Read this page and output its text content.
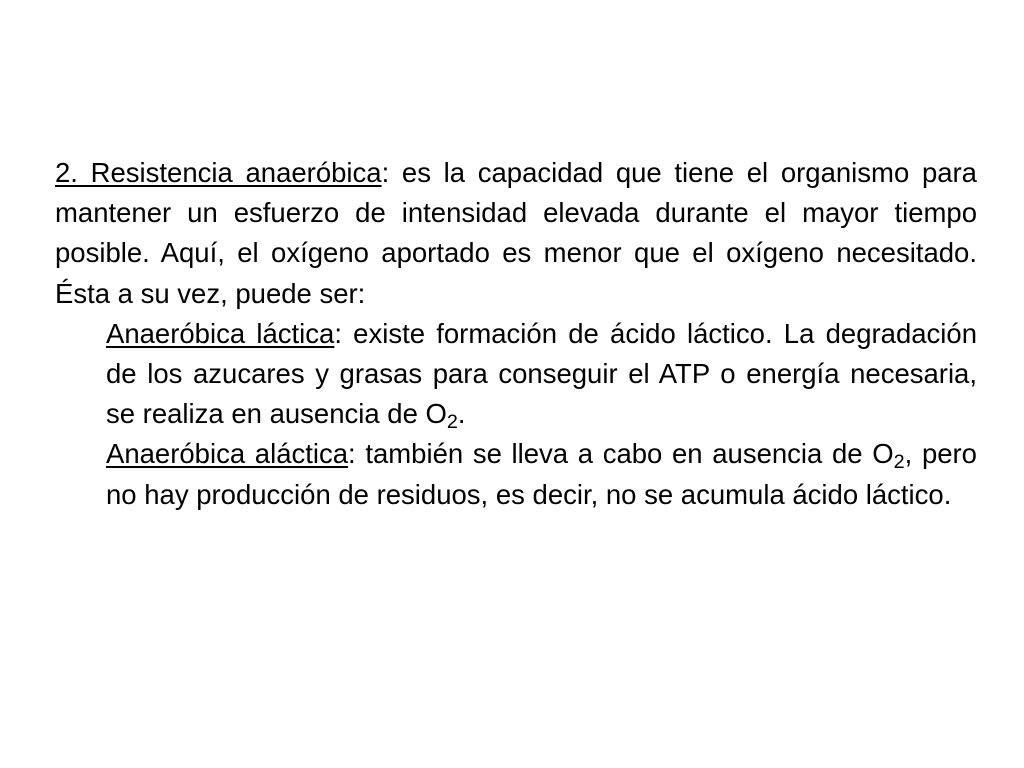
2. Resistencia anaeróbica: es la capacidad que tiene el organismo para mantener un esfuerzo de intensidad elevada durante el mayor tiempo posible. Aquí, el oxígeno aportado es menor que el oxígeno necesitado. Ésta a su vez, puede ser:

Anaeróbica láctica: existe formación de ácido láctico. La degradación de los azucares y grasas para conseguir el ATP o energía necesaria, se realiza en ausencia de $O_2$.

Anaeróbica aláctica: también se lleva a cabo en ausencia de $O_2$, pero no hay producción de residuos, es decir, no se acumula ácido láctico.
